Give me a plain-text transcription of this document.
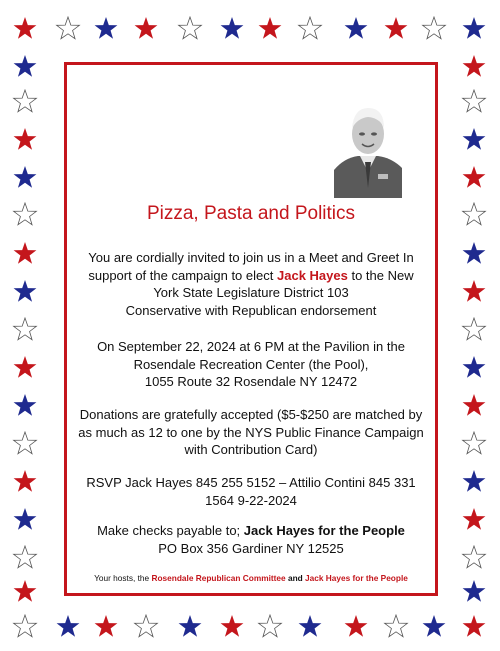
Pizza, Pasta and Politics
You are cordially invited to join us in a Meet and Greet In
support of the campaign to elect Jack Hayes to the New
York State Legislature District 103
Conservative with Republican endorsement
On September 22, 2024 at 6 PM at the Pavilion in the
Rosendale Recreation Center (the Pool),
1055 Route 32 Rosendale NY 12472
Donations are gratefully accepted ($5-$250 are matched by
as much as 12 to one by the NYS Public Finance Campaign
with Contribution Card)
RSVP Jack Hayes 845 255 5152 – Attilio Contini 845 331
1564 9-22-2024
Make checks payable to; Jack Hayes for the People
PO Box 356 Gardiner NY 12525
Your hosts, the Rosendale Republican Committee and Jack Hayes for the People
